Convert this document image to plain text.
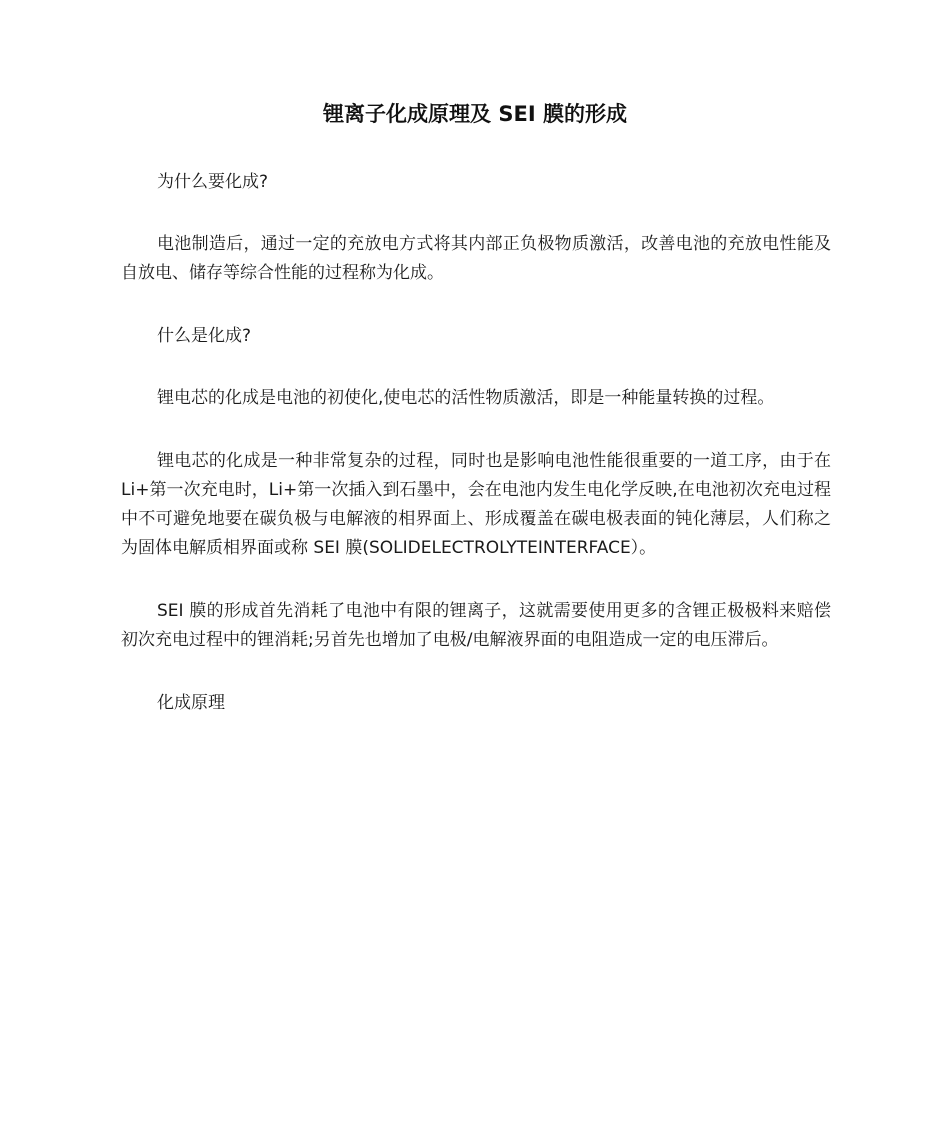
锂离子化成原理及 SEI 膜的形成

为什么要化成?

电池制造后，通过一定的充放电方式将其内部正负极物质激活，改善电池的充放电性能及自放电、储存等综合性能的过程称为化成。

什么是化成?

锂电芯的化成是电池的初使化,使电芯的活性物质激活，即是一种能量转换的过程。

锂电芯的化成是一种非常复杂的过程，同时也是影响电池性能很重要的一道工序，由于在 Li+第一次充电时，Li+第一次插入到石墨中，会在电池内发生电化学反映,在电池初次充电过程中不可避免地要在碳负极与电解液的相界面上、形成覆盖在碳电极表面的钝化薄层，人们称之为固体电解质相界面或称 SEI 膜(SOLIDELECTROLYTEINTERFACE）。

SEI 膜的形成首先消耗了电池中有限的锂离子，这就需要使用更多的含锂正极极料来赔偿初次充电过程中的锂消耗;另首先也增加了电极/电解液界面的电阻造成一定的电压滞后。

化成原理
